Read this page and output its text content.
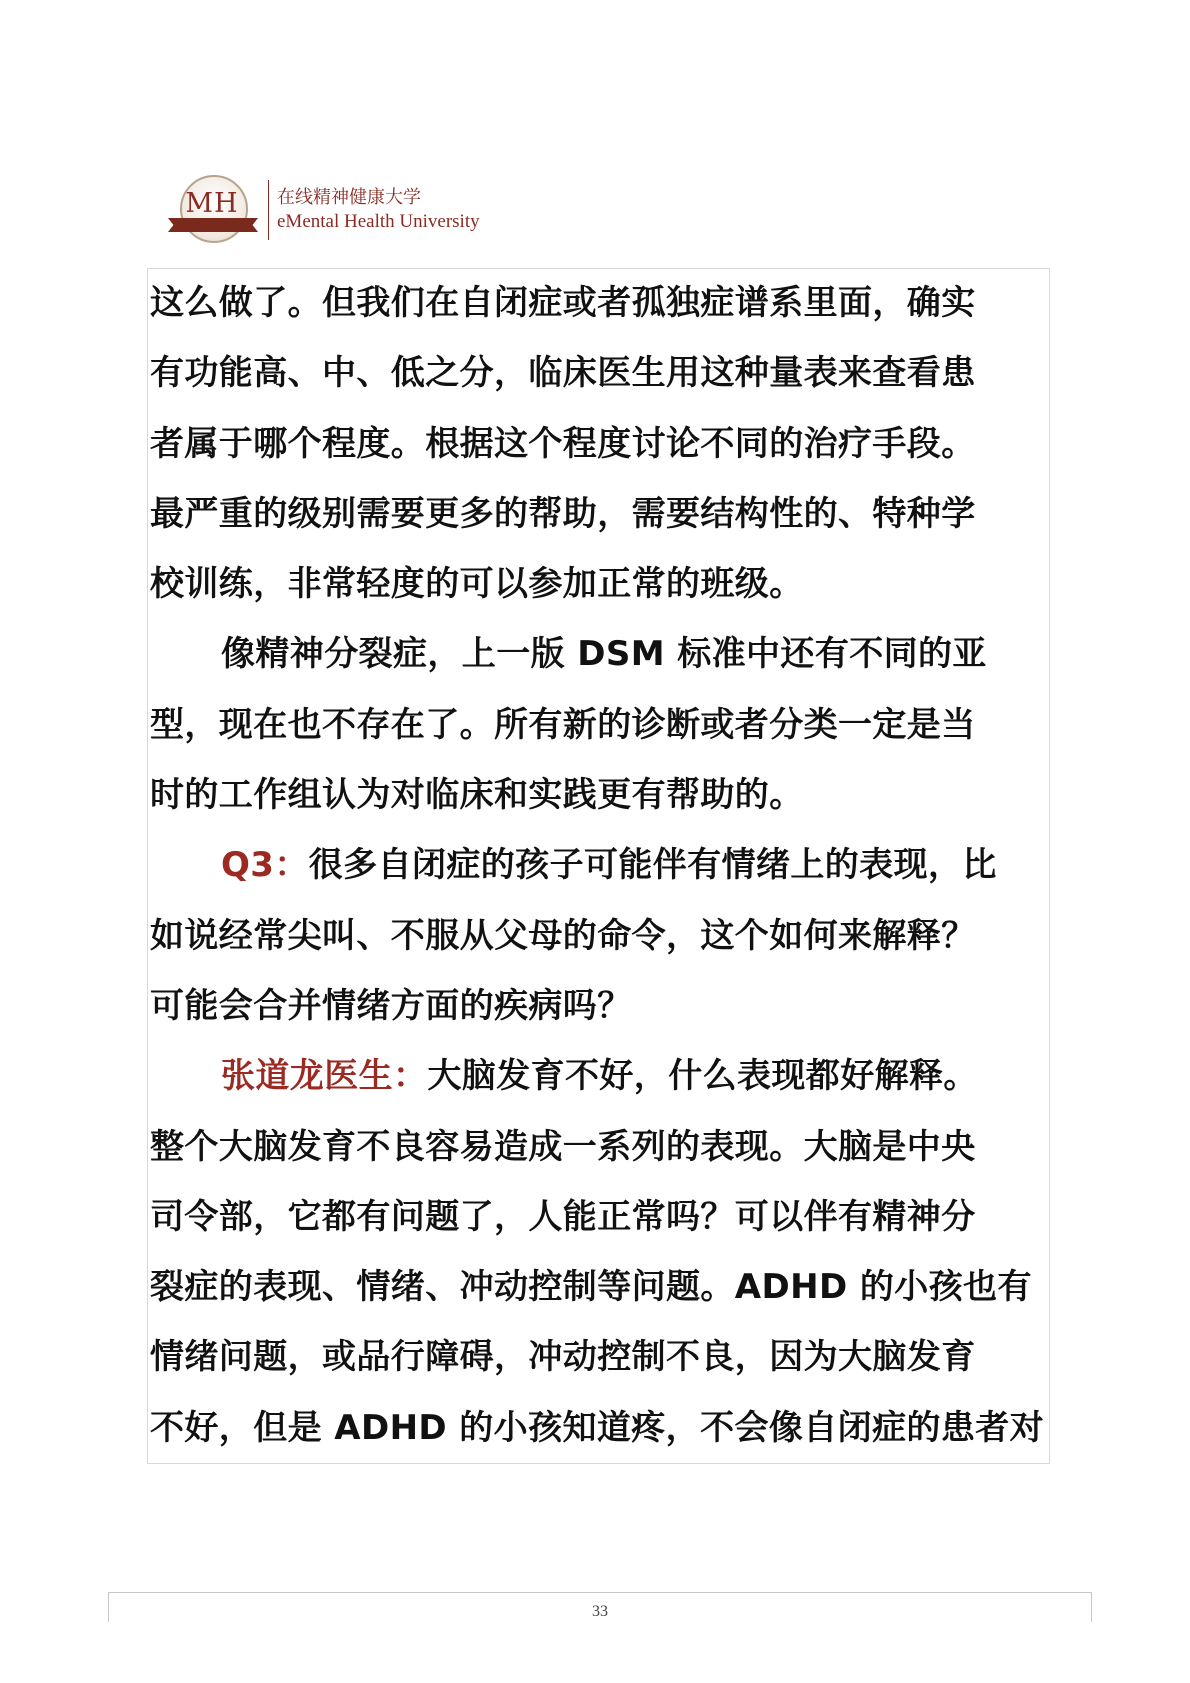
MH	在线精神健康大学
eMental Health University
这么做了。但我们在自闭症或者孤独症谱系里面，确实
有功能高、中、低之分，临床医生用这种量表来查看患
者属于哪个程度。根据这个程度讨论不同的治疗手段。
最严重的级别需要更多的帮助，需要结构性的、特种学
校训练，非常轻度的可以参加正常的班级。
像精神分裂症，上一版 DSM 标准中还有不同的亚
型，现在也不存在了。所有新的诊断或者分类一定是当
时的工作组认为对临床和实践更有帮助的。
Q3：很多自闭症的孩子可能伴有情绪上的表现，比
如说经常尖叫、不服从父母的命令，这个如何来解释？
可能会合并情绪方面的疾病吗？
张道龙医生：大脑发育不好，什么表现都好解释。
整个大脑发育不良容易造成一系列的表现。大脑是中央
司令部，它都有问题了，人能正常吗？可以伴有精神分
裂症的表现、情绪、冲动控制等问题。ADHD 的小孩也有
情绪问题，或品行障碍，冲动控制不良，因为大脑发育
不好，但是 ADHD 的小孩知道疼，不会像自闭症的患者对
33
